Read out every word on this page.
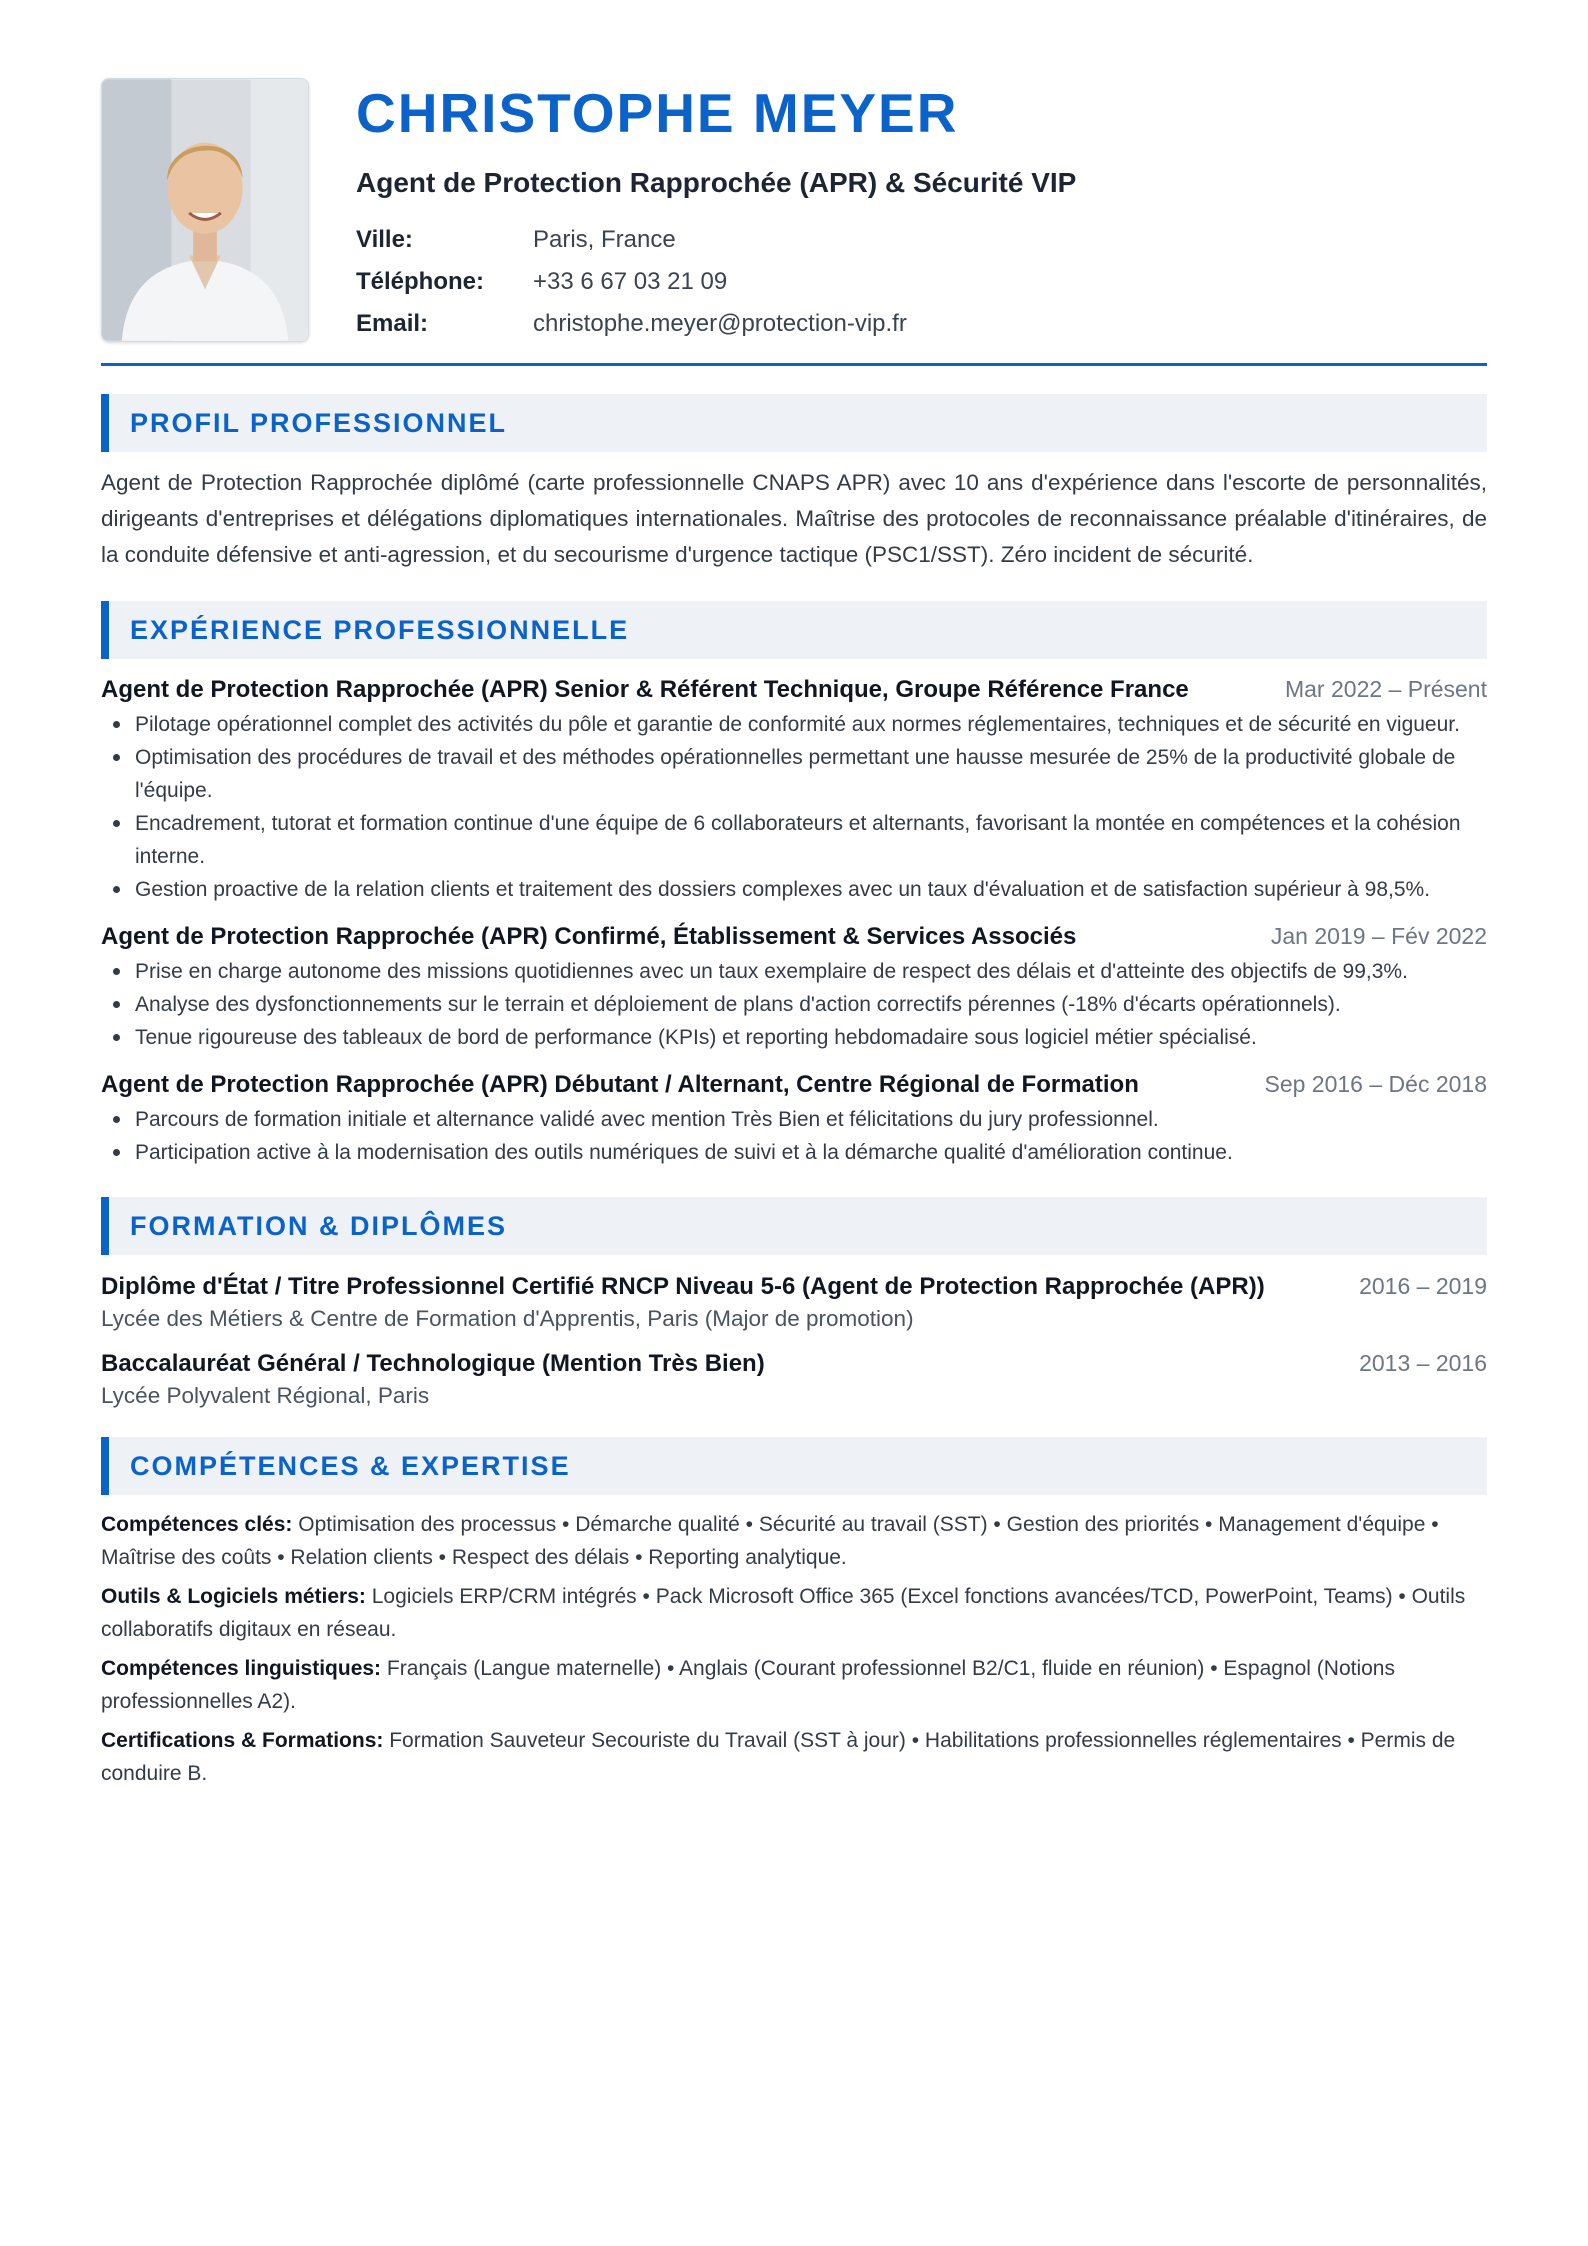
CHRISTOPHE MEYER
Agent de Protection Rapprochée (APR) & Sécurité VIP
Ville:	Paris, France
Téléphone:	+33 6 67 03 21 09
Email:	christophe.meyer@protection-vip.fr
PROFIL PROFESSIONNEL

Agent de Protection Rapprochée diplômé (carte professionnelle CNAPS APR) avec 10 ans d'expérience dans l'escorte de personnalités, dirigeants d'entreprises et délégations diplomatiques internationales. Maîtrise des protocoles de reconnaissance préalable d'itinéraires, de la conduite défensive et anti-agression, et du secourisme d'urgence tactique (PSC1/SST). Zéro incident de sécurité.

EXPÉRIENCE PROFESSIONNELLE
Agent de Protection Rapprochée (APR) Senior & Référent Technique, Groupe Référence France	Mar 2022 – Présent
Pilotage opérationnel complet des activités du pôle et garantie de conformité aux normes réglementaires, techniques et de sécurité en vigueur.
Optimisation des procédures de travail et des méthodes opérationnelles permettant une hausse mesurée de 25% de la productivité globale de l'équipe.
Encadrement, tutorat et formation continue d'une équipe de 6 collaborateurs et alternants, favorisant la montée en compétences et la cohésion interne.
Gestion proactive de la relation clients et traitement des dossiers complexes avec un taux d'évaluation et de satisfaction supérieur à 98,5%.
Agent de Protection Rapprochée (APR) Confirmé, Établissement & Services Associés	Jan 2019 – Fév 2022
Prise en charge autonome des missions quotidiennes avec un taux exemplaire de respect des délais et d'atteinte des objectifs de 99,3%.
Analyse des dysfonctionnements sur le terrain et déploiement de plans d'action correctifs pérennes (-18% d'écarts opérationnels).
Tenue rigoureuse des tableaux de bord de performance (KPIs) et reporting hebdomadaire sous logiciel métier spécialisé.
Agent de Protection Rapprochée (APR) Débutant / Alternant, Centre Régional de Formation	Sep 2016 – Déc 2018
Parcours de formation initiale et alternance validé avec mention Très Bien et félicitations du jury professionnel.
Participation active à la modernisation des outils numériques de suivi et à la démarche qualité d'amélioration continue.
FORMATION & DIPLÔMES
Diplôme d'État / Titre Professionnel Certifié RNCP Niveau 5-6 (Agent de Protection Rapprochée (APR))	2016 – 2019
Lycée des Métiers & Centre de Formation d'Apprentis, Paris (Major de promotion)
Baccalauréat Général / Technologique (Mention Très Bien)	2013 – 2016
Lycée Polyvalent Régional, Paris
COMPÉTENCES & EXPERTISE

Compétences clés: Optimisation des processus • Démarche qualité • Sécurité au travail (SST) • Gestion des priorités • Management d'équipe • Maîtrise des coûts • Relation clients • Respect des délais • Reporting analytique.

Outils & Logiciels métiers: Logiciels ERP/CRM intégrés • Pack Microsoft Office 365 (Excel fonctions avancées/TCD, PowerPoint, Teams) • Outils collaboratifs digitaux en réseau.

Compétences linguistiques: Français (Langue maternelle) • Anglais (Courant professionnel B2/C1, fluide en réunion) • Espagnol (Notions professionnelles A2).

Certifications & Formations: Formation Sauveteur Secouriste du Travail (SST à jour) • Habilitations professionnelles réglementaires • Permis de conduire B.
